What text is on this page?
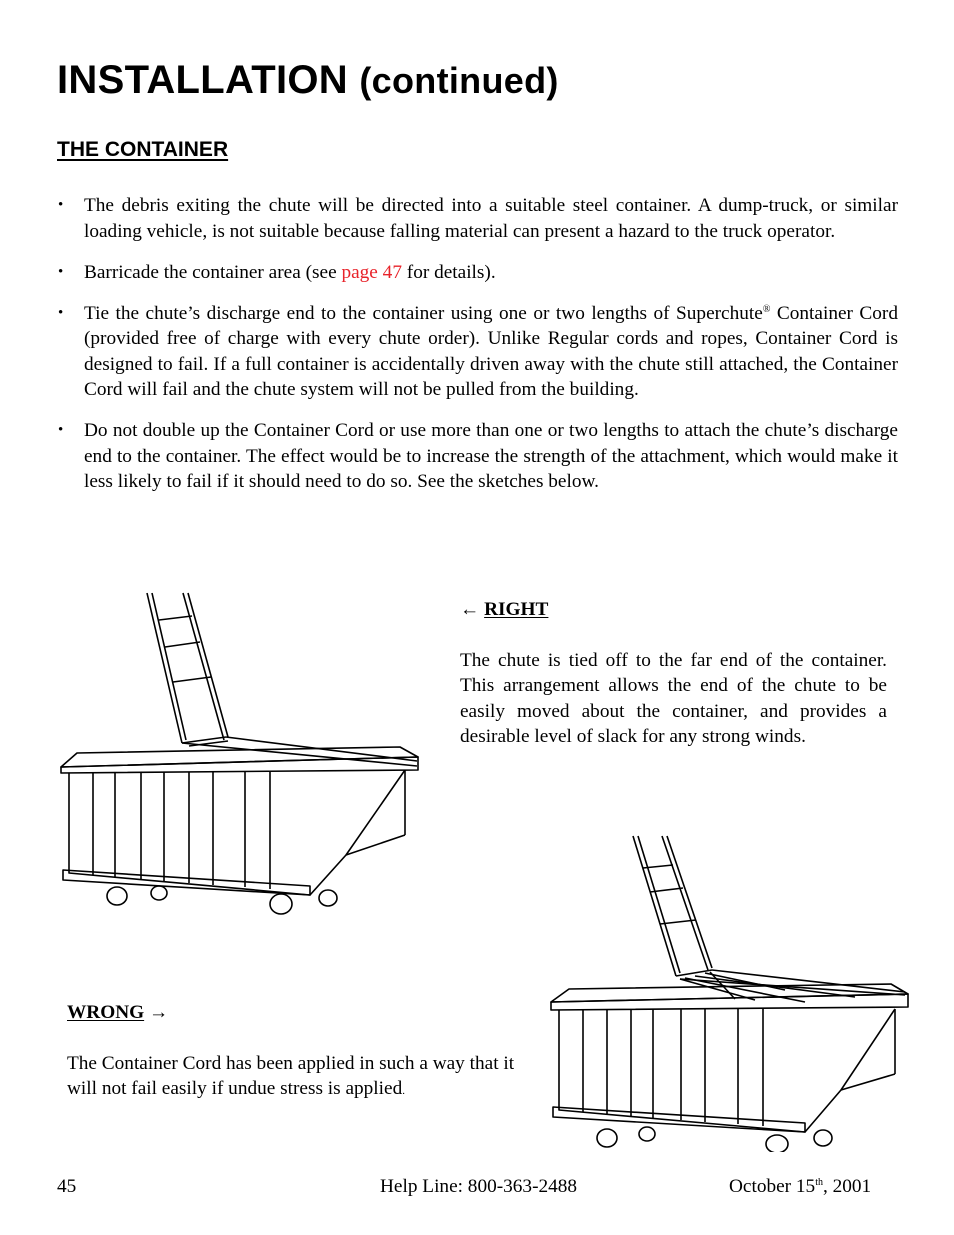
INSTALLATION (continued)
THE CONTAINER
• The debris exiting the chute will be directed into a suitable steel container. A dump-truck, or similar loading vehicle, is not suitable because falling material can present a hazard to the truck operator.
• Barricade the container area (see page 47 for details).
• Tie the chute’s discharge end to the container using one or two lengths of Superchute® Container Cord (provided free of charge with every chute order). Unlike Regular cords and ropes, Container Cord is designed to fail. If a full container is accidentally driven away with the chute still attached, the Container Cord will fail and the chute system will not be pulled from the building.
• Do not double up the Container Cord or use more than one or two lengths to attach the chute’s discharge end to the container. The effect would be to increase the strength of the attachment, which would make it less likely to fail if it should need to do so. See the sketches below.
← RIGHT

The chute is tied off to the far end of the container. This arrangement allows the end of the chute to be easily moved about the container, and provides a desirable level of slack for any strong winds.

WRONG →

The Container Cord has been applied in such a way that it will not fail easily if undue stress is applied.

45	Help Line: 800-363-2488	October 15th, 2001
